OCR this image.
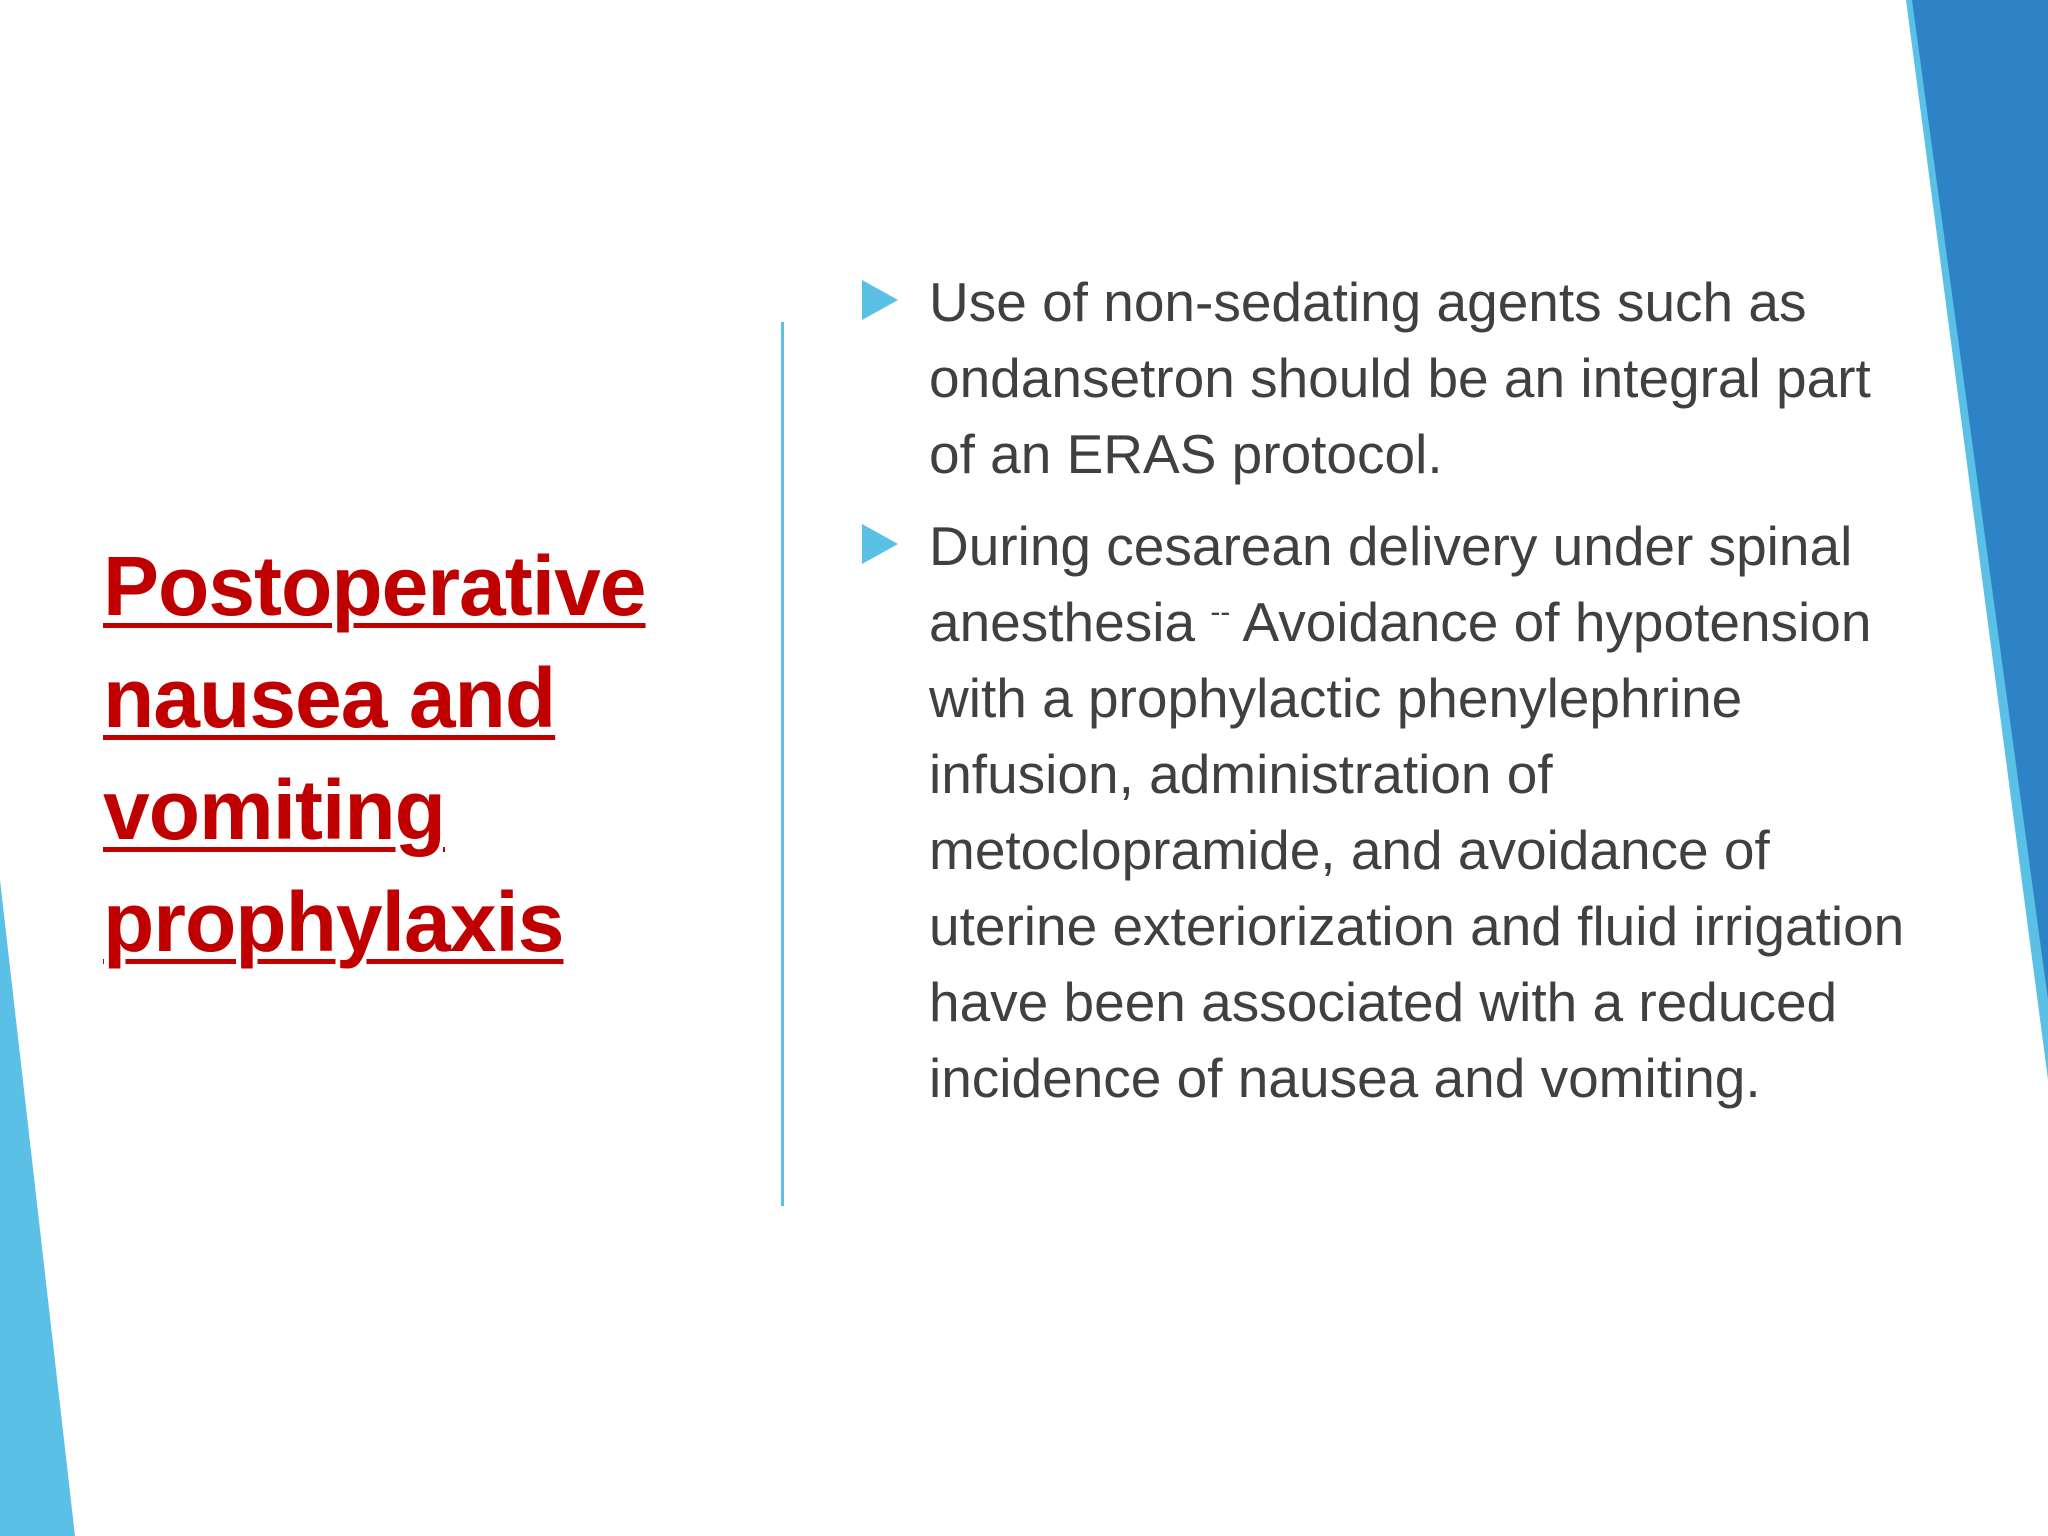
Postoperative nausea and vomiting prophylaxis
Use of non-sedating agents such as ondansetron should be an integral part of an ERAS protocol.
During cesarean delivery under spinal anesthesia -- Avoidance of hypotension with a prophylactic phenylephrine infusion, administration of metoclopramide, and avoidance of uterine exteriorization and fluid irrigation have been associated with a reduced incidence of nausea and vomiting.
